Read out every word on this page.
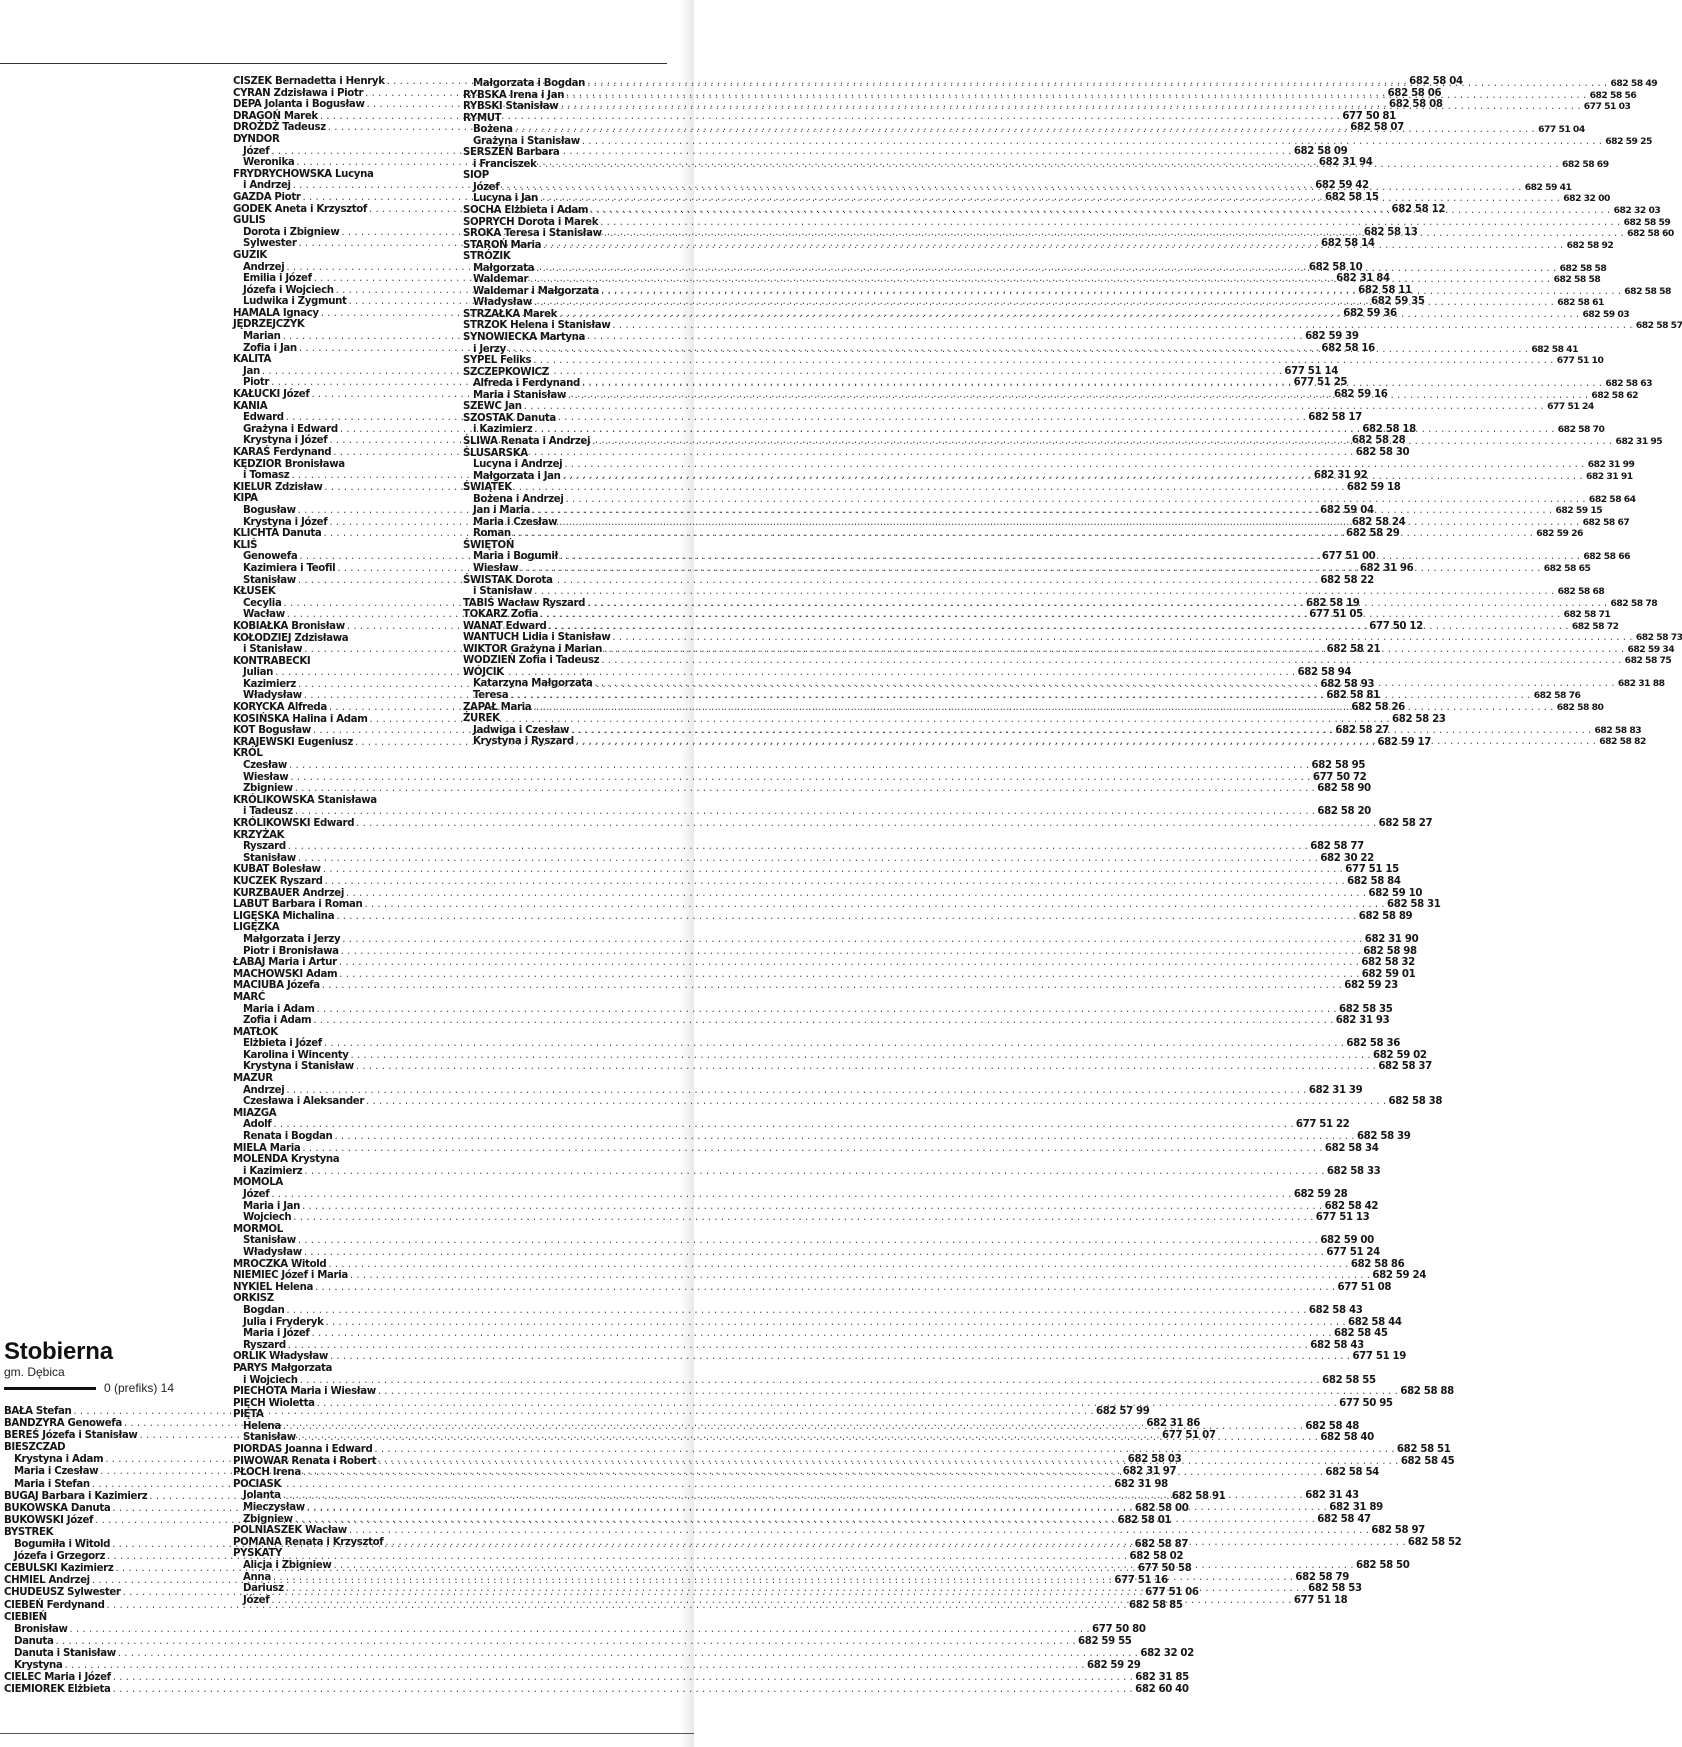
Stobierna
gm. Dębica
0 (prefiks) 14
BAŁA Stefan . . .	682 57 99
BANDZYRA Genowefa . . .	682 31 86
BEREŚ Józefa i Stanisław . . .	677 51 07
BIESZCZAD
Krystyna i Adam . . .	682 58 03
Maria i Czesław . . .	682 31 97
Maria i Stefan . . .	682 31 98
BUGAJ Barbara i Kazimierz . . .	682 58 91
BUKOWSKA Danuta . . .	682 58 00
BUKOWSKI Józef . . .	682 58 01
BYSTREK
Bogumiła i Witold . . .	682 58 87
Józefa i Grzegorz . . .	682 58 02
CEBULSKI Kazimierz . . .	677 50 58
CHMIEL Andrzej . . .	677 51 16
CHUDEUSZ Sylwester . . .	677 51 06
CIEBEŃ Ferdynand . . .	682 58 85
CIEBIEŃ
Bronisław . . .	677 50 80
Danuta . . .	682 59 55
Danuta i Stanisław . . .	682 32 02
Krystyna . . .	682 59 29
CIELEC Maria i Józef . . .	682 31 85
CIEMIOREK Elżbieta . . .	682 60 40
CISZEK Bernadetta i Henryk . . .	682 58 04
CYRAN Zdzisława i Piotr . . .	682 58 06
DEPA Jolanta i Bogusław . . .	682 58 08
DRAGOŃ Marek . . .	677 50 81
DROŻDŻ Tadeusz . . .	682 58 07
DYNDOR
Józef . . .	682 58 09
Weronika . . .	682 31 94
FRYDRYCHOWSKA Lucyna
i Andrzej . . .	682 59 42
GAZDA Piotr . . .	682 58 15
GODEK Aneta i Krzysztof . . .	682 58 12
GULIS
Dorota i Zbigniew . . .	682 58 13
Sylwester . . .	682 58 14
GUZIK
Andrzej . . .	682 58 10
Emilia i Józef . . .	682 31 84
Józefa i Wojciech . . .	682 58 11
Ludwika i Zygmunt . . .	682 59 35
HAMALA Ignacy . . .	682 59 36
JĘDRZEJCZYK
Marian . . .	682 59 39
Zofia i Jan . . .	682 58 16
KALITA
Jan . . .	677 51 14
Piotr . . .	677 51 25
KAŁUCKI Józef . . .	682 59 16
KANIA
Edward . . .	682 58 17
Grażyna i Edward . . .	682 58 18
Krystyna i Józef . . .	682 58 28
KARAŚ Ferdynand . . .	682 58 30
KĘDZIOR Bronisława
i Tomasz . . .	682 31 92
KIELUR Zdzisław . . .	682 59 18
KIPA
Bogusław . . .	682 59 04
Krystyna i Józef . . .	682 58 24
KLICHTA Danuta . . .	682 58 29
KLIŚ
Genowefa . . .	677 51 00
Kazimiera i Teofil . . .	682 31 96
Stanisław . . .	682 58 22
KŁUSEK
Cecylia . . .	682 58 19
Wacław . . .	677 51 05
KOBIAŁKA Bronisław . . .	677 50 12
KOŁODZIEJ Zdzisława
i Stanisław . . .	682 58 21
KONTRABECKI
Julian . . .	682 58 94
Kazimierz . . .	682 58 93
Władysław . . .	682 58 81
KORYCKA Alfreda . . .	682 58 26
KOSIŃSKA Halina i Adam . . .	682 58 23
KOT Bogusław . . .	682 58 27
KRAJEWSKI Eugeniusz . . .	682 59 17
KRÓL
Czesław . . .	682 58 95
Wiesław . . .	677 50 72
Zbigniew . . .	682 58 90
KRÓLIKOWSKA Stanisława
i Tadeusz . . .	682 58 20
KRÓLIKOWSKI Edward . . .	682 58 27
KRZYŻAK
Ryszard . . .	682 58 77
Stanisław . . .	682 30 22
KUBAT Bolesław . . .	677 51 15
KUCZEK Ryszard . . .	682 58 84
KURZBAUER Andrzej . . .	682 59 10
LABUT Barbara i Roman . . .	682 58 31
LIGĘSKA Michalina . . .	682 58 89
LIGĘZKA
Małgorzata i Jerzy . . .	682 31 90
Piotr i Bronisława . . .	682 58 98
ŁABAJ Maria i Artur . . .	682 58 32
MACHOWSKI Adam . . .	682 59 01
MACIUBA Józefa . . .	682 59 23
MARĆ
Maria i Adam . . .	682 58 35
Zofia i Adam . . .	682 31 93
MATŁOK
Elżbieta i Józef . . .	682 58 36
Karolina i Wincenty . . .	682 59 02
Krystyna i Stanisław . . .	682 58 37
MAZUR
Andrzej . . .	682 31 39
Czesława i Aleksander . . .	682 58 38
MIAZGA
Adolf . . .	677 51 22
Renata i Bogdan . . .	682 58 39
MIELA Maria . . .	682 58 34
MOLENDA Krystyna
i Kazimierz . . .	682 58 33
MOMOLA
Józef . . .	682 59 28
Maria i Jan . . .	682 58 42
Wojciech . . .	677 51 13
MORMOL
Stanisław . . .	682 59 00
Władysław . . .	677 51 24
MROCZKA Witold . . .	682 58 86
NIEMIEC Józef i Maria . . .	682 59 24
NYKIEL Helena . . .	677 51 08
ORKISZ
Bogdan . . .	682 58 43
Julia i Fryderyk . . .	682 58 44
Maria i Józef . . .	682 58 45
Ryszard . . .	682 58 43
ORLIK Władysław . . .	677 51 19
PARYS Małgorzata
i Wojciech . . .	682 58 55
PIECHOTA Maria i Wiesław . . .	682 58 88
PIĘCH Wioletta . . .	677 50 95
PIĘTA
Helena . . .	682 58 48
Stanisław . . .	682 58 40
PIORDAS Joanna i Edward . . .	682 58 51
PIWOWAR Renata i Robert . . .	682 58 45
PŁOCH Irena . . .	682 58 54
POCIASK
Jolanta . . .	682 31 43
Mieczysław . . .	682 31 89
Zbigniew . . .	682 58 47
POLNIASZEK Wacław . . .	682 58 97
POMANA Renata i Krzysztof . . .	682 58 52
PYSKATY
Alicja i Zbigniew . . .	682 58 50
Anna . . .	682 58 79
Dariusz . . .	682 58 53
Józef . . .	677 51 18
Małgorzata i Bogdan . . .	682 58 49
RYBSKA Irena i Jan . . .	682 58 56
RYBSKI Stanisław . . .	677 51 03
RYMUT
Bożena . . .	677 51 04
Grażyna i Stanisław . . .	682 59 25
SERSZEŃ Barbara
i Franciszek . . .	682 58 69
SIOP
Józef . . .	682 59 41
Lucyna i Jan . . .	682 32 00
SOCHA Elżbieta i Adam . . .	682 32 03
SOPRYCH Dorota i Marek . . .	682 58 59
SROKA Teresa i Stanisław . . .	682 58 60
STAROŃ Maria . . .	682 58 92
STRÓZIK
Małgorzata . . .	682 58 58
Waldemar . . .	682 58 58
Waldemar i Małgorzata . . .	682 58 58
Władysław . . .	682 58 61
STRZAŁKA Marek . . .	682 59 03
STRZOK Helena i Stanisław . . .	682 58 57
SYNOWIECKA Martyna
i Jerzy . . .	682 58 41
SYPEL Feliks . . .	677 51 10
SZCZEPKOWICZ
Alfreda i Ferdynand . . .	682 58 63
Maria i Stanisław . . .	682 58 62
SZEWC Jan . . .	677 51 24
SZOSTAK Danuta
i Kazimierz . . .	682 58 70
ŚLIWA Renata i Andrzej . . .	682 31 95
ŚLUSARSKA
Lucyna i Andrzej . . .	682 31 99
Małgorzata i Jan . . .	682 31 91
ŚWIĄTEK
Bożena i Andrzej . . .	682 58 64
Jan i Maria . . .	682 59 15
Maria i Czesław . . .	682 58 67
Roman . . .	682 59 26
ŚWIĘTOŃ
Maria i Bogumił . . .	682 58 66
Wiesław . . .	682 58 65
ŚWISTAK Dorota
i Stanisław . . .	682 58 68
TABIŚ Wacław Ryszard . . .	682 58 78
TOKARZ Zofia . . .	682 58 71
WANAT Edward . . .	682 58 72
WANTUCH Lidia i Stanisław . . .	682 58 73
WIKTOR Grażyna i Marian . . .	682 59 34
WODZIEŃ Zofia i Tadeusz . . .	682 58 75
WÓJCIK
Katarzyna Małgorzata . . .	682 31 88
Teresa . . .	682 58 76
ZAPAŁ Maria . . .	682 58 80
ŻUREK
Jadwiga i Czesław . . .	682 58 83
Krystyna i Ryszard . . .	682 58 82
